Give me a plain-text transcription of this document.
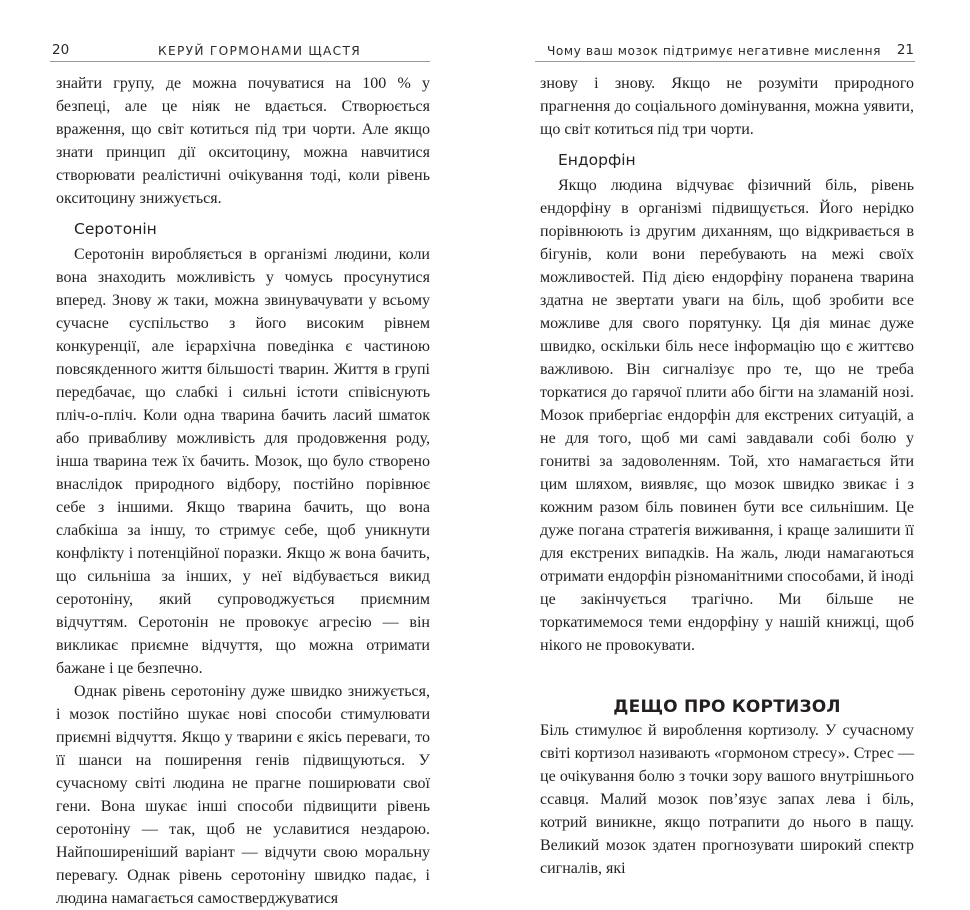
20	КЕРУЙ ГОРМОНАМИ ЩАСТЯ

знайти групу, де можна почуватися на 100 % у безпеці, але це ніяк не вдається. Створюється враження, що світ котиться під три чорти. Але якщо знати принцип дії окситоцину, можна навчитися створювати реалістичні очікування тоді, коли рівень окситоцину знижується.

Серотонін

Серотонін виробляється в організмі людини, коли вона знаходить можливість у чомусь просунутися вперед. Знову ж таки, можна звинувачувати у всьому сучасне суспільство з його високим рівнем конкуренції, але ієрархічна поведінка є частиною повсякденного життя більшості тварин. Життя в групі передбачає, що слабкі і сильні істоти співіснують пліч-о-пліч. Коли одна тварина бачить ласий шматок або привабливу можливість для продовження роду, інша тварина теж їх бачить. Мозок, що було створено внаслідок природного відбору, постійно порівнює себе з іншими. Якщо тварина бачить, що вона слабкіша за іншу, то стримує себе, щоб уникнути конфлікту і потенційної поразки. Якщо ж вона бачить, що сильніша за інших, у неї відбувається викид серотоніну, який супроводжується приємним відчуттям. Серотонін не провокує агресію — він викликає приємне відчуття, що можна отримати бажане і це безпечно.

Однак рівень серотоніну дуже швидко знижується, і мозок постійно шукає нові способи стимулювати приємні відчуття. Якщо у тварини є якісь переваги, то її шанси на поширення генів підвищуються. У сучасному світі людина не прагне поширювати свої гени. Вона шукає інші способи підвищити рівень серотоніну — так, щоб не уславитися нездарою. Найпоширеніший варіант — відчути свою моральну перевагу. Однак рівень серотоніну швидко падає, і людина намагається самостверджуватися

Чому ваш мозок підтримує негативне мислення 21

знову і знову. Якщо не розуміти природного прагнення до соціального домінування, можна уявити, що світ котиться під три чорти.

Ендорфін

Якщо людина відчуває фізичний біль, рівень ендорфіну в організмі підвищується. Його нерідко порівнюють із другим диханням, що відкривається в бігунів, коли вони перебувають на межі своїх можливостей. Під дією ендорфіну поранена тварина здатна не звертати уваги на біль, щоб зробити все можливе для свого порятунку. Ця дія минає дуже швидко, оскільки біль несе інформацію що є життєво важливою. Він сигналізує про те, що не треба торкатися до гарячої плити або бігти на зламаній нозі. Мозок прибергіає ендорфін для екстрених ситуацій, а не для того, щоб ми самі завдавали собі болю у гонитві за задоволенням. Той, хто намагається йти цим шляхом, виявляє, що мозок швидко звикає і з кожним разом біль повинен бути все сильнішим. Це дуже погана стратегія виживання, і краще залишити її для екстрених випадків. На жаль, люди намагаються отримати ендорфін різноманітними способами, й іноді це закінчується трагічно. Ми більше не торкатимемося теми ендорфіну у нашій книжці, щоб нікого не провокувати.

ДЕЩО ПРО КОРТИЗОЛ

Біль стимулює й вироблення кортизолу. У сучасному світі кортизол називають «гормоном стресу». Стрес — це очікування болю з точки зору вашого внутрішнього ссавця. Малий мозок пов’язує запах лева і біль, котрий виникне, якщо потрапити до нього в пащу. Великий мозок здатен прогнозувати широкий спектр сигналів, які
